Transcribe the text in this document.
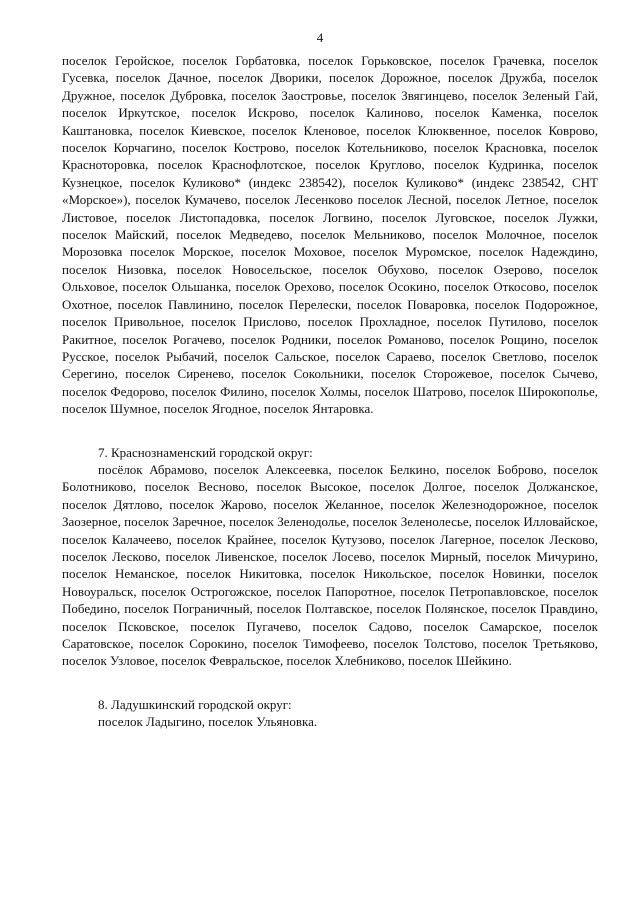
4

поселок Геройское, поселок Горбатовка, поселок Горьковское, поселок Грачевка, поселок Гусевка, поселок Дачное, поселок Дворики, поселок Дорожное, поселок Дружба, поселок Дружное, поселок Дубровка, поселок Заостровье, поселок Звягинцево, поселок Зеленый Гай, поселок Иркутское, поселок Искрово, поселок Калиново, поселок Каменка, поселок Каштановка, поселок Киевское, поселок Кленовое, поселок Клюквенное, поселок Коврово, поселок Корчагино, поселок Кострово, поселок Котельниково, поселок Красновка, поселок Красноторовка, поселок Краснофлотское, поселок Круглово, поселок Кудринка, поселок Кузнецкое, поселок Куликово* (индекс 238542), поселок Куликово* (индекс 238542, СНТ «Морское»), поселок Кумачево, поселок Лесенково поселок Лесной, поселок Летное, поселок Листовое, поселок Листопадовка, поселок Логвино, поселок Луговское, поселок Лужки, поселок Майский, поселок Медведево, поселок Мельниково, поселок Молочное, поселок Морозовка поселок Морское, поселок Моховое, поселок Муромское, поселок Надеждино, поселок Низовка, поселок Новосельское, поселок Обухово, поселок Озерово, поселок Ольховое, поселок Ольшанка, поселок Орехово, поселок Осокино, поселок Откосово, поселок Охотное, поселок Павлинино, поселок Перелески, поселок Поваровка, поселок Подорожное, поселок Привольное, поселок Прислово, поселок Прохладное, поселок Путилово, поселок Ракитное, поселок Рогачево, поселок Родники, поселок Романово, поселок Рощино, поселок Русское, поселок Рыбачий, поселок Сальское, поселок Сараево, поселок Светлово, поселок Серегино, поселок Сиренево, поселок Сокольники, поселок Сторожевое, поселок Сычево, поселок Федорово, поселок Филино, поселок Холмы, поселок Шатрово, поселок Широкополье, поселок Шумное, поселок Ягодное, поселок Янтаровка.

7. Краснознаменский городской округ:

посёлок Абрамово, поселок Алексеевка, поселок Белкино, поселок Боброво, поселок Болотниково, поселок Весново, поселок Высокое, поселок Долгое, поселок Должанское, поселок Дятлово, поселок Жарово, поселок Желанное, поселок Железнодорожное, поселок Заозерное, поселок Заречное, поселок Зеленодолье, поселок Зеленолесье, поселок Илловайское, поселок Калачеево, поселок Крайнее, поселок Кутузово, поселок Лагерное, поселок Лесково, поселок Лесково, поселок Ливенское, поселок Лосево, поселок Мирный, поселок Мичурино, поселок Неманское, поселок Никитовка, поселок Никольское, поселок Новинки, поселок Новоуральск, поселок Острогожское, поселок Папоротное, поселок Петропавловское, поселок Победино, поселок Пограничный, поселок Полтавское, поселок Полянское, поселок Правдино, поселок Псковское, поселок Пугачево, поселок Садово, поселок Самарское, поселок Саратовское, поселок Сорокино, поселок Тимофеево, поселок Толстово, поселок Третьяково, поселок Узловое, поселок Февральское, поселок Хлебниково, поселок Шейкино.

8. Ладушкинский городской округ:

поселок Ладыгино, поселок Ульяновка.
